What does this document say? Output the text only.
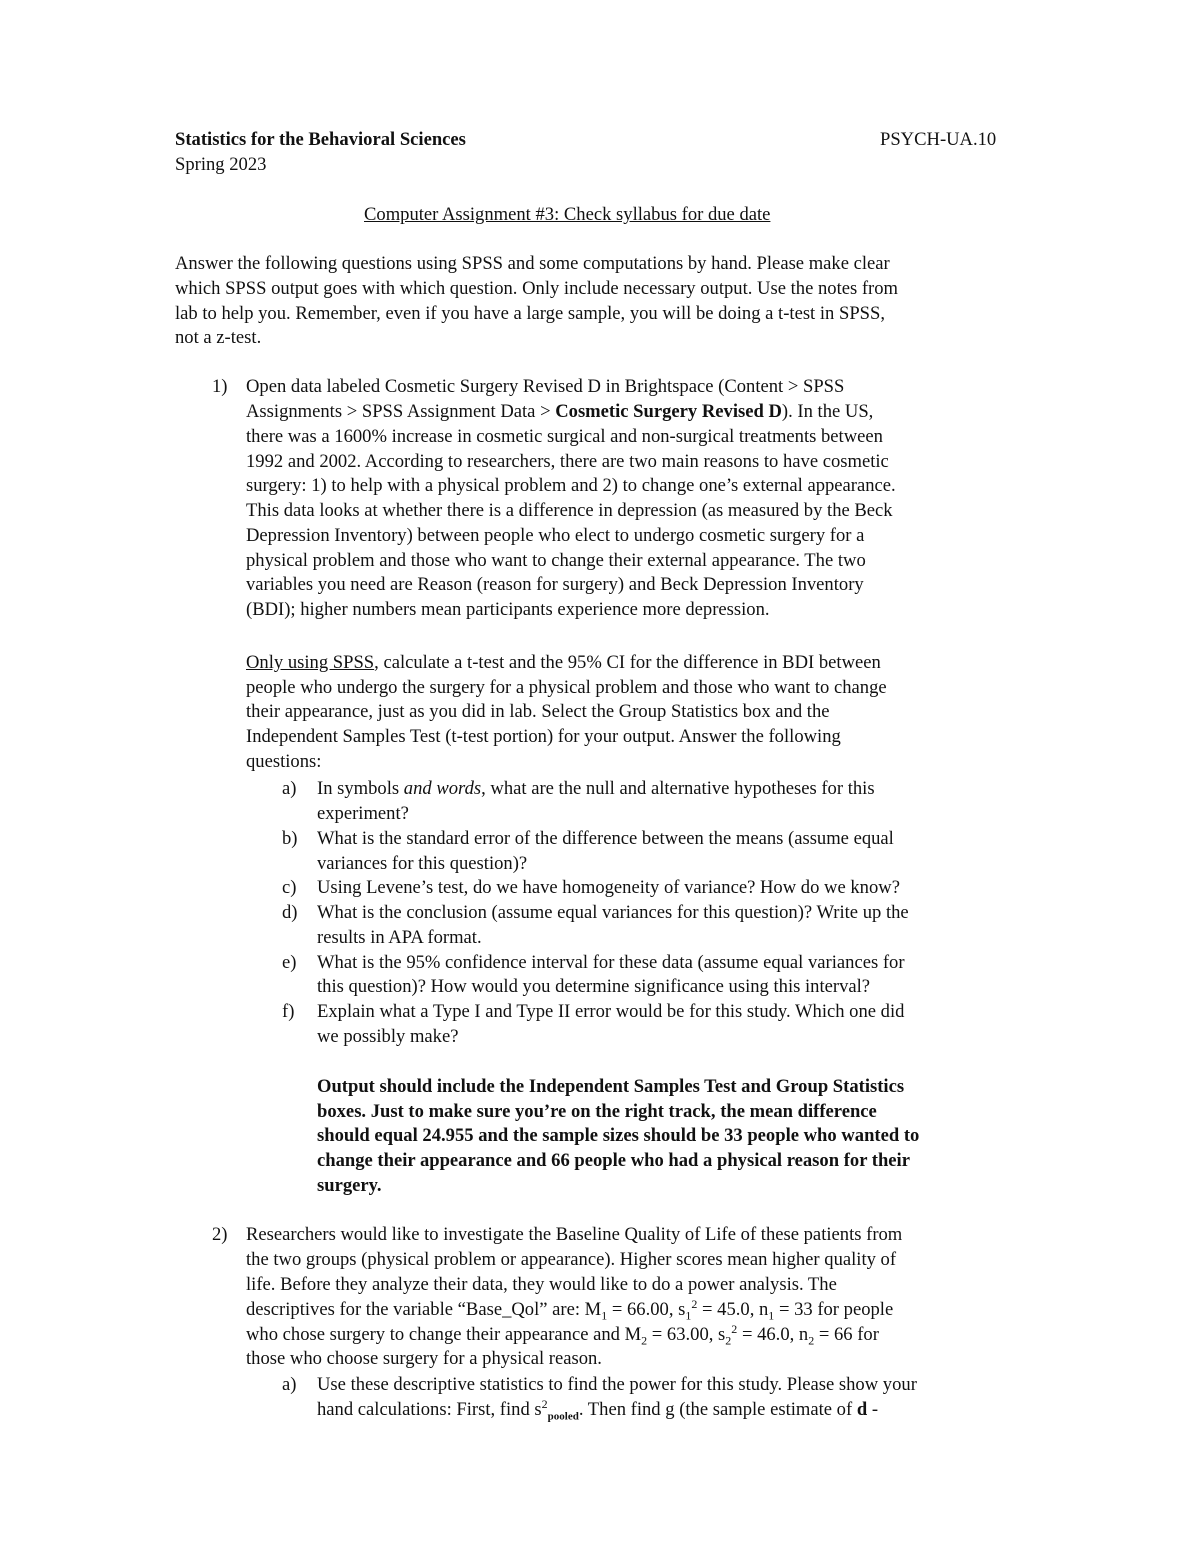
Statistics for the Behavioral Sciences	PSYCH-UA.10
Spring 2023
Computer Assignment #3: Check syllabus for due date
Answer the following questions using SPSS and some computations by hand. Please make clear
which SPSS output goes with which question. Only include necessary output. Use the notes from
lab to help you. Remember, even if you have a large sample, you will be doing a t-test in SPSS,
not a z-test.
1) Open data labeled Cosmetic Surgery Revised D in Brightspace (Content > SPSS
Assignments > SPSS Assignment Data > Cosmetic Surgery Revised D). In the US,
there was a 1600% increase in cosmetic surgical and non-surgical treatments between
1992 and 2002. According to researchers, there are two main reasons to have cosmetic
surgery: 1) to help with a physical problem and 2) to change one’s external appearance.
This data looks at whether there is a difference in depression (as measured by the Beck
Depression Inventory) between people who elect to undergo cosmetic surgery for a
physical problem and those who want to change their external appearance. The two
variables you need are Reason (reason for surgery) and Beck Depression Inventory
(BDI); higher numbers mean participants experience more depression.
Only using SPSS, calculate a t-test and the 95% CI for the difference in BDI between
people who undergo the surgery for a physical problem and those who want to change
their appearance, just as you did in lab. Select the Group Statistics box and the
Independent Samples Test (t-test portion) for your output. Answer the following
questions:
a) In symbols and words, what are the null and alternative hypotheses for this
experiment?
b) What is the standard error of the difference between the means (assume equal
variances for this question)?
c) Using Levene’s test, do we have homogeneity of variance? How do we know?
d) What is the conclusion (assume equal variances for this question)? Write up the
results in APA format.
e) What is the 95% confidence interval for these data (assume equal variances for
this question)? How would you determine significance using this interval?
f) Explain what a Type I and Type II error would be for this study. Which one did
we possibly make?
Output should include the Independent Samples Test and Group Statistics
boxes. Just to make sure you’re on the right track, the mean difference
should equal 24.955 and the sample sizes should be 33 people who wanted to
change their appearance and 66 people who had a physical reason for their
surgery.
2) Researchers would like to investigate the Baseline Quality of Life of these patients from
the two groups (physical problem or appearance). Higher scores mean higher quality of
life. Before they analyze their data, they would like to do a power analysis. The
descriptives for the variable “Base_Qol” are: $M_1 = 66.00$, $s_1^2 = 45.0$, $n_1 = 33$ for people
who chose surgery to change their appearance and $M_2 = 63.00$, $s_2^2 = 46.0$, $n_2 = 66$ for
those who choose surgery for a physical reason.
a) Use these descriptive statistics to find the power for this study. Please show your
hand calculations: First, find $s^2_{pooled}$. Then find g (the sample estimate of d -
